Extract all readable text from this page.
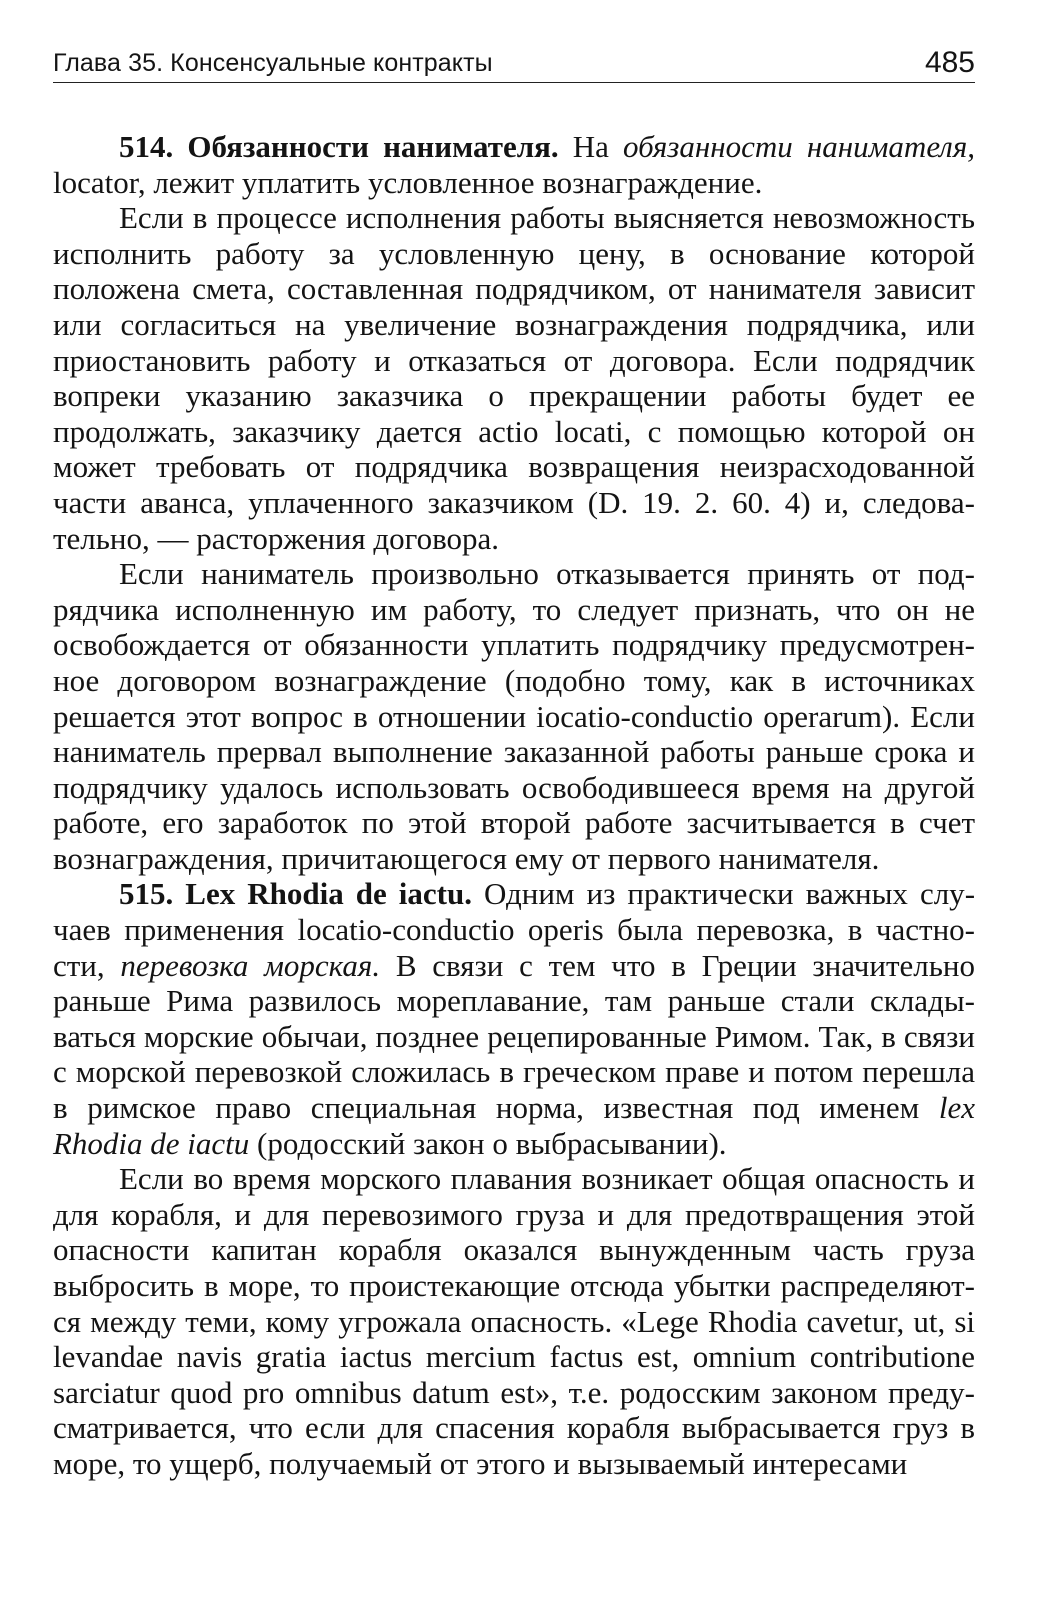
Глава 35. Консенсуальные контракты	485

514. Обязанности нанимателя. На обязанности нанимателя, locator, лежит уплатить условленное вознаграждение.

Если в процессе исполнения работы выясняется невозможность исполнить работу за условленную цену, в основание которой положена смета, составленная подрядчиком, от нанимателя зависит или согласиться на увеличение вознаграждения подрядчика, или приостановить работу и отказаться от договора. Если подрядчик вопреки указанию заказчика о прекращении работы будет ее продолжать, заказчику дается actio locati, с помощью которой он может требовать от подрядчика возвращения неизрасходованной части аванса, уплаченного заказчиком (D. 19. 2. 60. 4) и, следовательно, — расторжения договора.

Если наниматель произвольно отказывается принять от подрядчика исполненную им работу, то следует признать, что он не освобождается от обязанности уплатить подрядчику предусмотренное договором вознаграждение (подобно тому, как в источниках решается этот вопрос в отношении iocatio-conductio operarum). Если наниматель прервал выполнение заказанной работы раньше срока и подрядчику удалось использовать освободившееся время на другой работе, его заработок по этой второй работе засчитывается в счет вознаграждения, причитающегося ему от первого нанимателя.

515. Lex Rhodia de iactu. Одним из практически важных случаев применения locatio-conductio operis была перевозка, в частности, перевозка морская. В связи с тем что в Греции значительно раньше Рима развилось мореплавание, там раньше стали складываться морские обычаи, позднее рецепированные Римом. Так, в связи с морской перевозкой сложилась в греческом праве и потом перешла в римское право специальная норма, известная под именем lex Rhodia de iactu (родосский закон о выбрасывании).

Если во время морского плавания возникает общая опасность и для корабля, и для перевозимого груза и для предотвращения этой опасности капитан корабля оказался вынужденным часть груза выбросить в море, то проистекающие отсюда убытки распределяются между теми, кому угрожала опасность. «Lege Rhodia cavetur, ut, si levandae navis gratia iactus mercium factus est, omnium contributione sarciatur quod pro omnibus datum est», т.е. родосским законом предусматривается, что если для спасения корабля выбрасывается груз в море, то ущерб, получаемый от этого и вызываемый интересами
